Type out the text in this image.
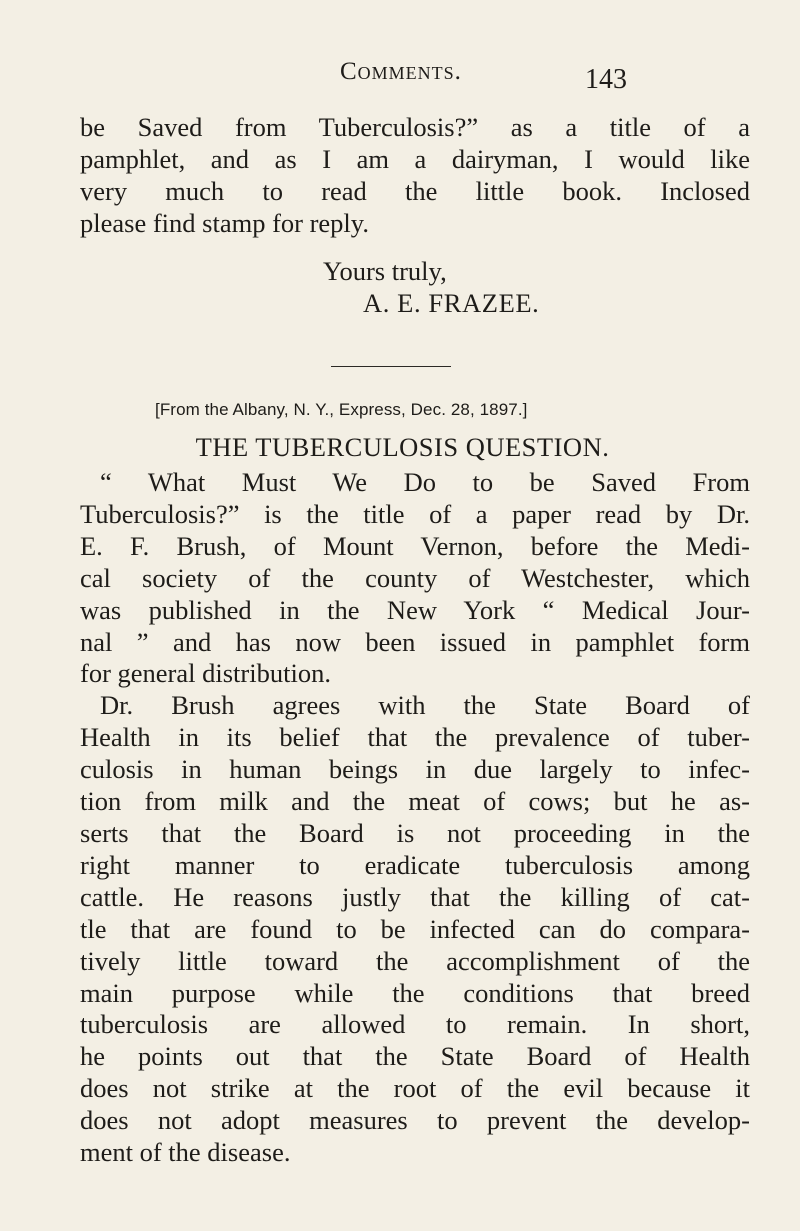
Comments.	143
be Saved from Tuberculosis?” as a title of a
pamphlet, and as I am a dairyman, I would like
very much to read the little book. Inclosed
please find stamp for reply.
Yours truly,
A. E. FRAZEE.
[From the Albany, N. Y., Express, Dec. 28, 1897.]
THE TUBERCULOSIS QUESTION.
“ What Must We Do to be Saved From
Tuberculosis?” is the title of a paper read by Dr.
E. F. Brush, of Mount Vernon, before the Medi-
cal society of the county of Westchester, which
was published in the New York “ Medical Jour-
nal ” and has now been issued in pamphlet form
for general distribution.
Dr. Brush agrees with the State Board of
Health in its belief that the prevalence of tuber-
culosis in human beings in due largely to infec-
tion from milk and the meat of cows; but he as-
serts that the Board is not proceeding in the
right manner to eradicate tuberculosis among
cattle. He reasons justly that the killing of cat-
tle that are found to be infected can do compara-
tively little toward the accomplishment of the
main purpose while the conditions that breed
tuberculosis are allowed to remain. In short,
he points out that the State Board of Health
does not strike at the root of the evil because it
does not adopt measures to prevent the develop-
ment of the disease.
